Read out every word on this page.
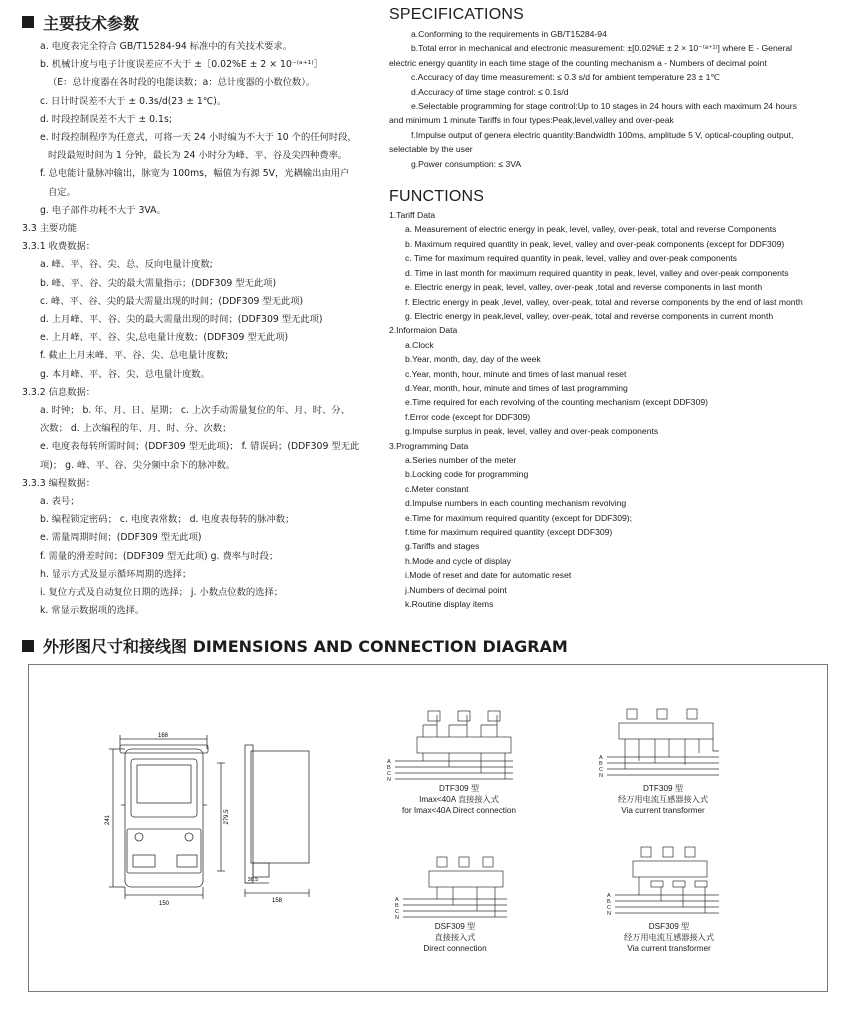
主要技术参数
a. 电度表完全符合 GB/T15284-94 标准中的有关技术要求。
b. 机械计度与电子计度误差应不大于 ±［0.02%E ± 2 × 10⁻⁽ᵃ⁺¹⁾］
（E：总计度器在各时段的电能读数；a：总计度器的小数位数）。
c. 日计时误差不大于 ± 0.3s/d(23 ± 1℃)。
d. 时段控制误差不大于 ± 0.1s;
e. 时段控制程序为任意式，可将一天 24 小时编为不大于 10 个的任何时段，
时段最短时间为 1 分钟，最长为 24 小时分为峰、平、谷及尖四种费率。
f. 总电能计量脉冲输出，脉宽为 100ms，幅值为有源 5V，光耦输出由用户
自定。
g. 电子部件功耗不大于 3VA。
3.3 主要功能
3.3.1 收费数据：
a. 峰、平、谷、尖、总、反向电量计度数;
b. 峰、平、谷、尖的最大需量指示；(DDF309 型无此项)
c. 峰、平、谷、尖的最大需量出现的时间；(DDF309 型无此项)
d. 上月峰、平、谷、尖的最大需量出现的时间；(DDF309 型无此项)
e. 上月峰、平、谷、尖,总电量计度数；(DDF309 型无此项)
f. 截止上月末峰、平、谷、尖、总电量计度数;
g. 本月峰、平、谷、尖、总电量计度数。
3.3.2 信息数据：
a. 时钟； b. 年、月、日、星期； c. 上次手动需量复位的年、月、时、分、
次数； d. 上次编程的年、月、时、分、次数；
e. 电度表每转所需时间；(DDF309 型无此项)； f. 错误码；(DDF309 型无此
项)； g. 峰、平、谷、尖分频中余下的脉冲数。
3.3.3 编程数据：
a. 表号；
b. 编程锁定密码； c. 电度表常数； d. 电度表每转的脉冲数；
e. 需量周期时间；(DDF309 型无此项)
f. 需量的滑差时间；(DDF309 型无此项) g. 费率与时段；
h. 显示方式及显示循环周期的选择；
i. 复位方式及自动复位日期的选择； j. 小数点位数的选择；
k. 常显示数据项的选择。
SPECIFICATIONS
a.Conforming to the requirements in GB/T15284-94
b.Total error in mechanical and electronic measurement: ±[0.02%E ± 2 × 10⁻⁽ᵃ⁺¹⁾] where E - General
electric energy quantity in each time stage of the counting mechanism a - Numbers of decimal point
c.Accuracy of day time measurement: ≤ 0.3 s/d for ambient temperature 23 ± 1℃
d.Accuracy of time stage control: ≤ 0.1s/d
e.Selectable programming for stage control:Up to 10 stages in 24 hours with each maximum 24 hours
and minimum 1 minute Tariffs in four types:Peak,level,valley and over-peak
f.Impulse output of genera electric quantity:Bandwidth 100ms, amplitude 5 V, optical-coupling output,
selectable by the user
g.Power consumption: ≤ 3VA
FUNCTIONS
1.Tariff Data
a. Measurement of electric energy in peak, level, valley, over-peak, total and reverse Components
b. Maximum required quantity in peak, level, valley and over-peak components (except for DDF309)
c. Time for maximum required quantity in peak, level, valley and over-peak components
d. Time in last month for maximum required quantity in peak, level, valley and over-peak components
e. Electric energy in peak, level, valley, over-peak ,total and reverse components in last month
f. Electric energy in peak ,level, valley, over-peak, total and reverse components by the end of last month
g. Electric energy in peak,level, valley, over-peak, total and reverse components in current month
2.Informaion Data
a.Clock
b.Year, month, day, day of the week
c.Year, month, hour, minute and times of last manual reset
d.Year, month, hour, minute and times of last programming
e.Time required for each revolving of the counting mechanism (except DDF309)
f.Error code (except for DDF309)
g.Impulse surplus in peak, level, valley and over-peak components
3.Programming Data
a.Series number of the meter
b.Locking code for programming
c.Meter constant
d.Impulse numbers in each counting mechanism revolving
e.Time for maximum required quantity (except for DDF309);
f.time for maximum required quantity (except DDF309)
g.Tariffs and stages
h.Mode and cycle of display
i.Mode of reset and date for automatic reset
j.Numbers of decimal point
k.Routine display items
外形图尺寸和接线图 DIMENSIONS AND CONNECTION DIAGRAM
168
241	279.5
150
38.5
158
A
B
C
N
A
B
C
N
A
B
C
N
A
B
C
N
DTF309 型
Imax<40A 直接接入式
for Imax<40A Direct connection
DTF309 型
经万用电流互感器接入式
Via current transformer
DSF309 型
直接接入式
Direct connection
DSF309 型
经万用电流互感器接入式
Via current transformer
